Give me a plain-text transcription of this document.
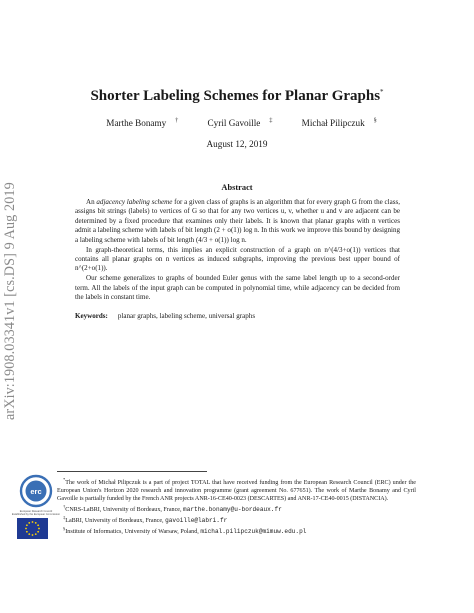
arXiv:1908.03341v1 [cs.DS] 9 Aug 2019
Shorter Labeling Schemes for Planar Graphs*
Marthe Bonamy †	Cyril Gavoille ‡	Michał Pilipczuk §
August 12, 2019
Abstract

An adjacency labeling scheme for a given class of graphs is an algorithm that for every graph G from the class, assigns bit strings (labels) to vertices of G so that for any two vertices u, v, whether u and v are adjacent can be determined by a fixed procedure that examines only their labels. It is known that planar graphs with n vertices admit a labeling scheme with labels of bit length (2 + o(1)) log n. In this work we improve this bound by designing a labeling scheme with labels of bit length (4/3 + o(1)) log n.

In graph-theoretical terms, this implies an explicit construction of a graph on n^(4/3+o(1)) vertices that contains all planar graphs on n vertices as induced subgraphs, improving the previous best upper bound of n^(2+o(1)).

Our scheme generalizes to graphs of bounded Euler genus with the same label length up to a second-order term. All the labels of the input graph can be computed in polynomial time, while adjacency can be decided from the labels in constant time.

Keywords: planar graphs, labeling scheme, universal graphs
erc
European Research Council
Established by the European Commission

*The work of Michał Pilipczuk is a part of project TOTAL that have received funding from the European Research Council (ERC) under the European Union's Horizon 2020 research and innovation programme (grant agreement No. 677651). The work of Marthe Bonamy and Cyril Gavoille is partially funded by the French ANR projects ANR-16-CE40-0023 (DESCARTES) and ANR-17-CE40-0015 (DISTANCIA).

†CNRS-LaBRI, University of Bordeaux, France, marthe.bonamy@u-bordeaux.fr

‡LaBRI, University of Bordeaux, France, gavoille@labri.fr

§Institute of Informatics, University of Warsaw, Poland, michal.pilipczuk@mimuw.edu.pl
